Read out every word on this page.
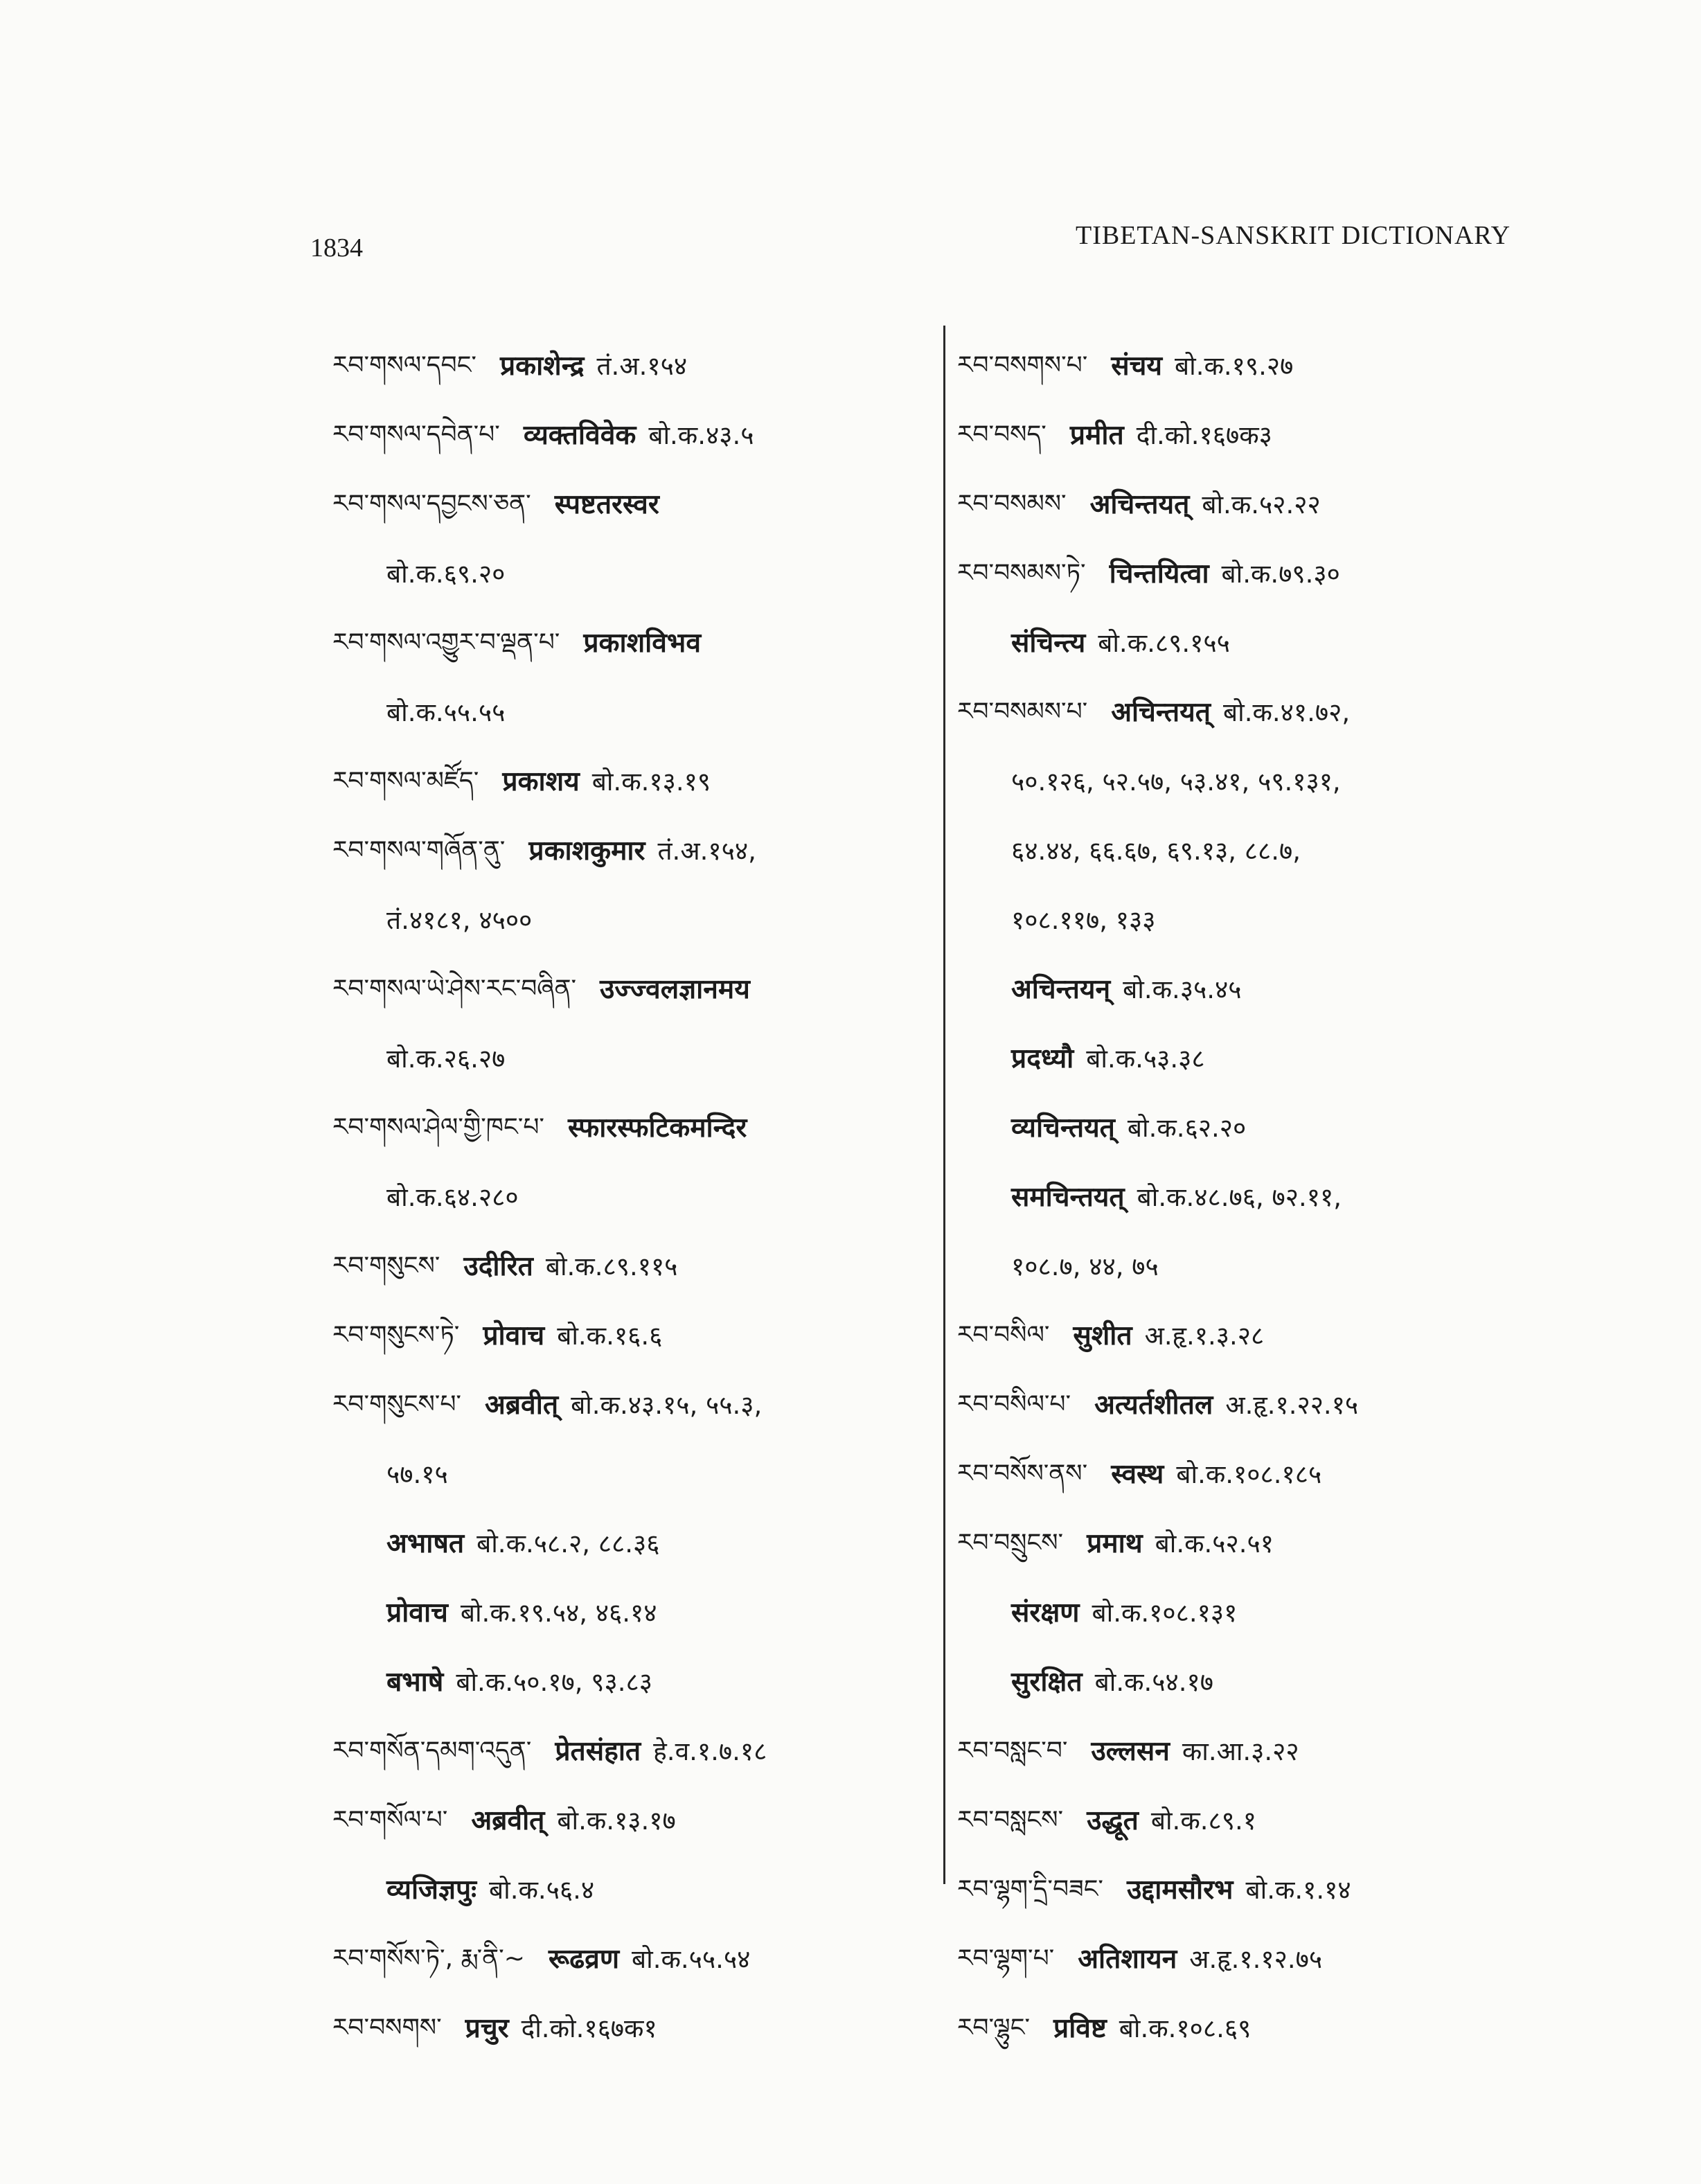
1834	TIBETAN-SANSKRIT DICTIONARY
རབ་གསལ་དབང་ प्रकाशेन्द्र तं.अ.१५४
རབ་གསལ་དབེན་པ་ व्यक्तविवेक बो.क.४३.५
རབ་གསལ་དབྱངས་ཅན་ स्पष्टतरस्वर
बो.क.६९.२०
རབ་གསལ་འགྱུར་བ་ལྡན་པ་ प्रकाशविभव
बो.क.५५.५५
རབ་གསལ་མཛོད་ प्रकाशय बो.क.१३.१९
རབ་གསལ་གཞོན་ནུ་ प्रकाशकुमार तं.अ.१५४,
तं.४१८१, ४५००
རབ་གསལ་ཡེ་ཤེས་རང་བཞིན་ उज्ज्वलज्ञानमय
बो.क.२६.२७
རབ་གསལ་ཤེལ་གྱི་ཁང་པ་ स्फारस्फटिकमन्दिर
बो.क.६४.२८०
རབ་གསུངས་ उदीरित बो.क.८९.११५
རབ་གསུངས་ཏེ་ प्रोवाच बो.क.१६.६
རབ་གསུངས་པ་ अब्रवीत् बो.क.४३.१५, ५५.३,
५७.१५
अभाषत बो.क.५८.२, ८८.३६
प्रोवाच बो.क.१९.५४, ४६.१४
बभाषे बो.क.५०.१७, ९३.८३
རབ་གསོན་དམག་འདུན་ प्रेतसंहात हे.व.१.७.१८
རབ་གསོལ་པ་ अब्रवीत् बो.क.१३.१७
व्यजिज्ञपुः बो.क.५६.४
རབ་གསོས་ཏེ་, རྨ་ནི་~ रूढव्रण बो.क.५५.५४
རབ་བསགས་ प्रचुर दी.को.१६७क१
རབ་བསགས་པ་ संचय बो.क.१९.२७
རབ་བསད་ प्रमीत दी.को.१६७क३
རབ་བསམས་ अचिन्तयत् बो.क.५२.२२
རབ་བསམས་ཏེ་ चिन्तयित्वा बो.क.७९.३०
संचिन्त्य बो.क.८९.१५५
རབ་བསམས་པ་ अचिन्तयत् बो.क.४१.७२,
५०.१२६, ५२.५७, ५३.४१, ५९.१३१,
६४.४४, ६६.६७, ६९.१३, ८८.७,
१०८.११७, १३३
अचिन्तयन् बो.क.३५.४५
प्रदध्यौ बो.क.५३.३८
व्यचिन्तयत् बो.क.६२.२०
समचिन्तयत् बो.क.४८.७६, ७२.११,
१०८.७, ४४, ७५
རབ་བསིལ་ सुशीत अ.हृ.१.३.२८
རབ་བསིལ་པ་ अत्यर्तशीतल अ.हृ.१.२२.१५
རབ་བསོས་ནས་ स्वस्थ बो.क.१०८.१८५
རབ་བསྲུངས་ प्रमाथ बो.क.५२.५१
संरक्षण बो.क.१०८.१३१
सुरक्षित बो.क.५४.१७
རབ་བསླང་བ་ उल्लसन का.आ.३.२२
རབ་བསླངས་ उद्धूत बो.क.८९.१
རབ་ལྷག་དྲི་བཟང་ उद्दामसौरभ बो.क.१.१४
རབ་ལྷག་པ་ अतिशायन अ.हृ.१.१२.७५
རབ་ལྷུང་ प्रविष्ट बो.क.१०८.६९
